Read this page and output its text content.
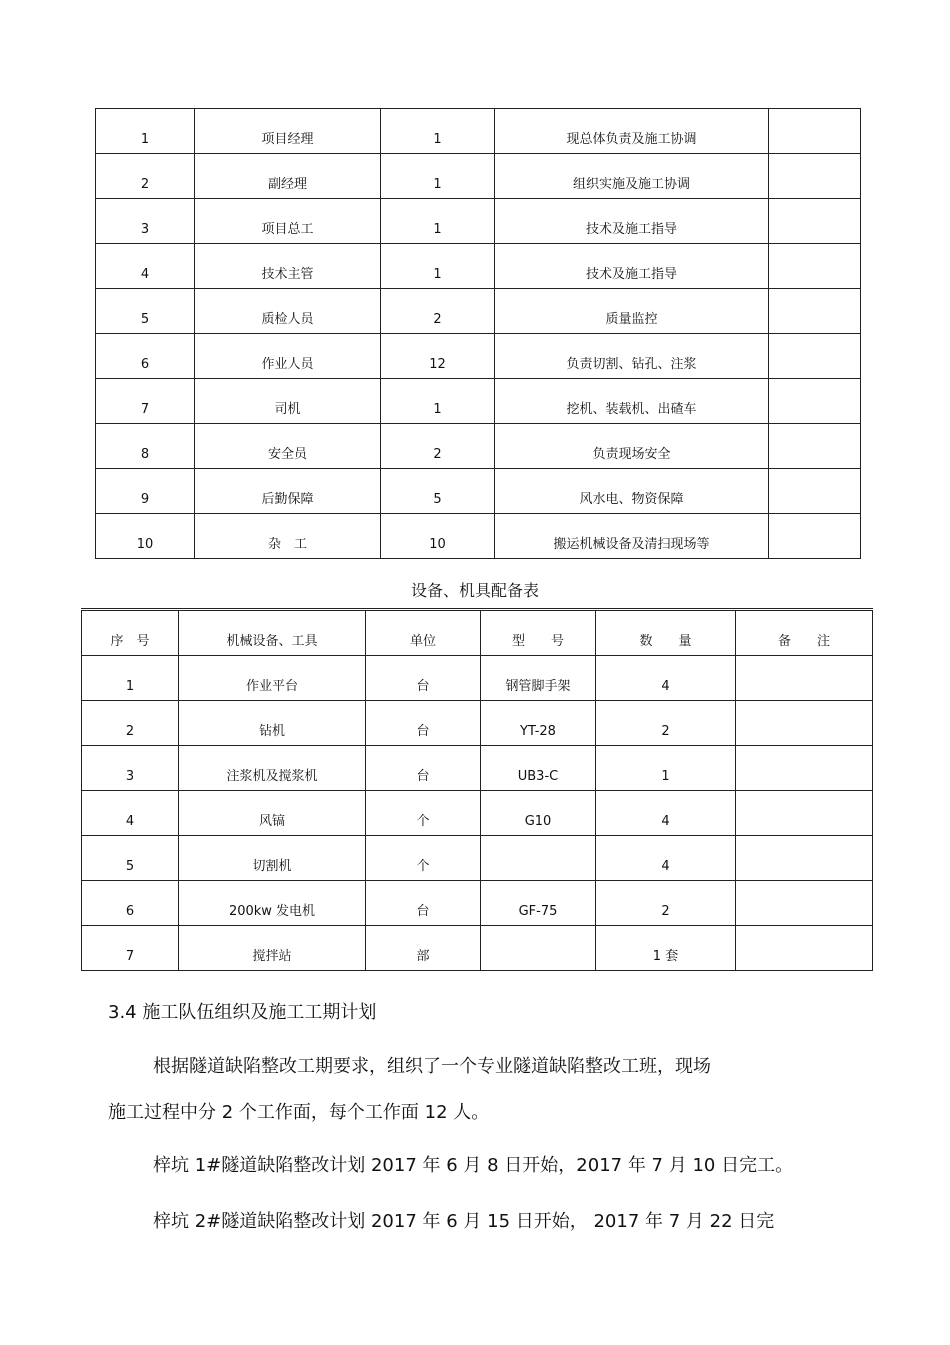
1	项目经理	1	现总体负责及施工协调	
2	副经理	1	组织实施及施工协调	
3	项目总工	1	技术及施工指导	
4	技术主管	1	技术及施工指导	
5	质检人员	2	质量监控	
6	作业人员	12	负责切割、钻孔、注浆	
7	司机	1	挖机、装载机、出碴车	
8	安全员	2	负责现场安全	
9	后勤保障	5	风水电、物资保障	
10	杂　工	10	搬运机械设备及清扫现场等	
设备、机具配备表
序　号	机械设备、工具	单位	型　　号	数　　量	备　　注
1	作业平台	台	钢管脚手架	4	
2	钻机	台	YT-28	2	
3	注浆机及搅浆机	台	UB3-C	1	
4	风镐	个	G10	4	
5	切割机	个		4	
6	200kw 发电机	台	GF-75	2	
7	搅拌站	部		1 套	
3.4 施工队伍组织及施工工期计划
根据隧道缺陷整改工期要求，组织了一个专业隧道缺陷整改工班，现场
施工过程中分 2 个工作面，每个工作面 12 人。
梓坑 1#隧道缺陷整改计划 2017 年 6 月 8 日开始，2017 年 7 月 10 日完工。
梓坑 2#隧道缺陷整改计划 2017 年 6 月 15 日开始， 2017 年 7 月 22 日完
